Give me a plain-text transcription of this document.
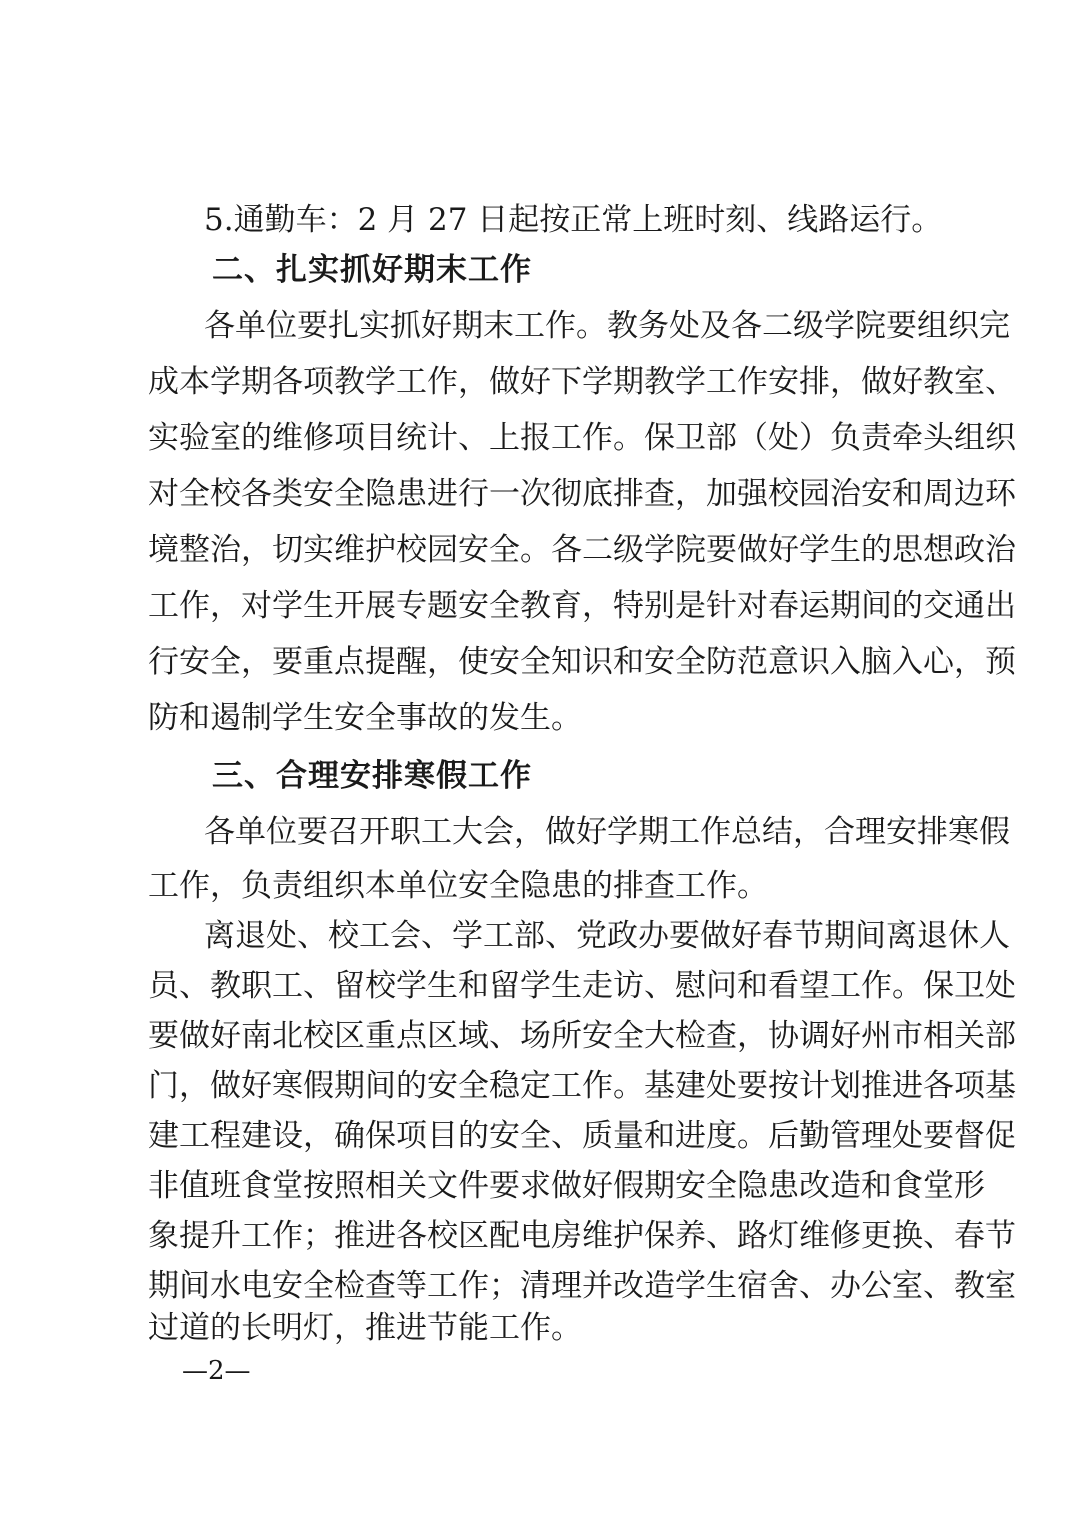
5.通勤车：2 月 27 日起按正常上班时刻、线路运行。
二、扎实抓好期末工作
各单位要扎实抓好期末工作。教务处及各二级学院要组织完
成本学期各项教学工作，做好下学期教学工作安排，做好教室、
实验室的维修项目统计、上报工作。保卫部（处）负责牵头组织
对全校各类安全隐患进行一次彻底排查，加强校园治安和周边环
境整治，切实维护校园安全。各二级学院要做好学生的思想政治
工作，对学生开展专题安全教育，特别是针对春运期间的交通出
行安全，要重点提醒，使安全知识和安全防范意识入脑入心，预
防和遏制学生安全事故的发生。
三、合理安排寒假工作
各单位要召开职工大会，做好学期工作总结，合理安排寒假
工作，负责组织本单位安全隐患的排查工作。
离退处、校工会、学工部、党政办要做好春节期间离退休人
员、教职工、留校学生和留学生走访、慰问和看望工作。保卫处
要做好南北校区重点区域、场所安全大检查，协调好州市相关部
门，做好寒假期间的安全稳定工作。基建处要按计划推进各项基
建工程建设，确保项目的安全、质量和进度。后勤管理处要督促
非值班食堂按照相关文件要求做好假期安全隐患改造和食堂形
象提升工作；推进各校区配电房维护保养、路灯维修更换、春节
期间水电安全检查等工作；清理并改造学生宿舍、办公室、教室
过道的长明灯，推进节能工作。
—2—
